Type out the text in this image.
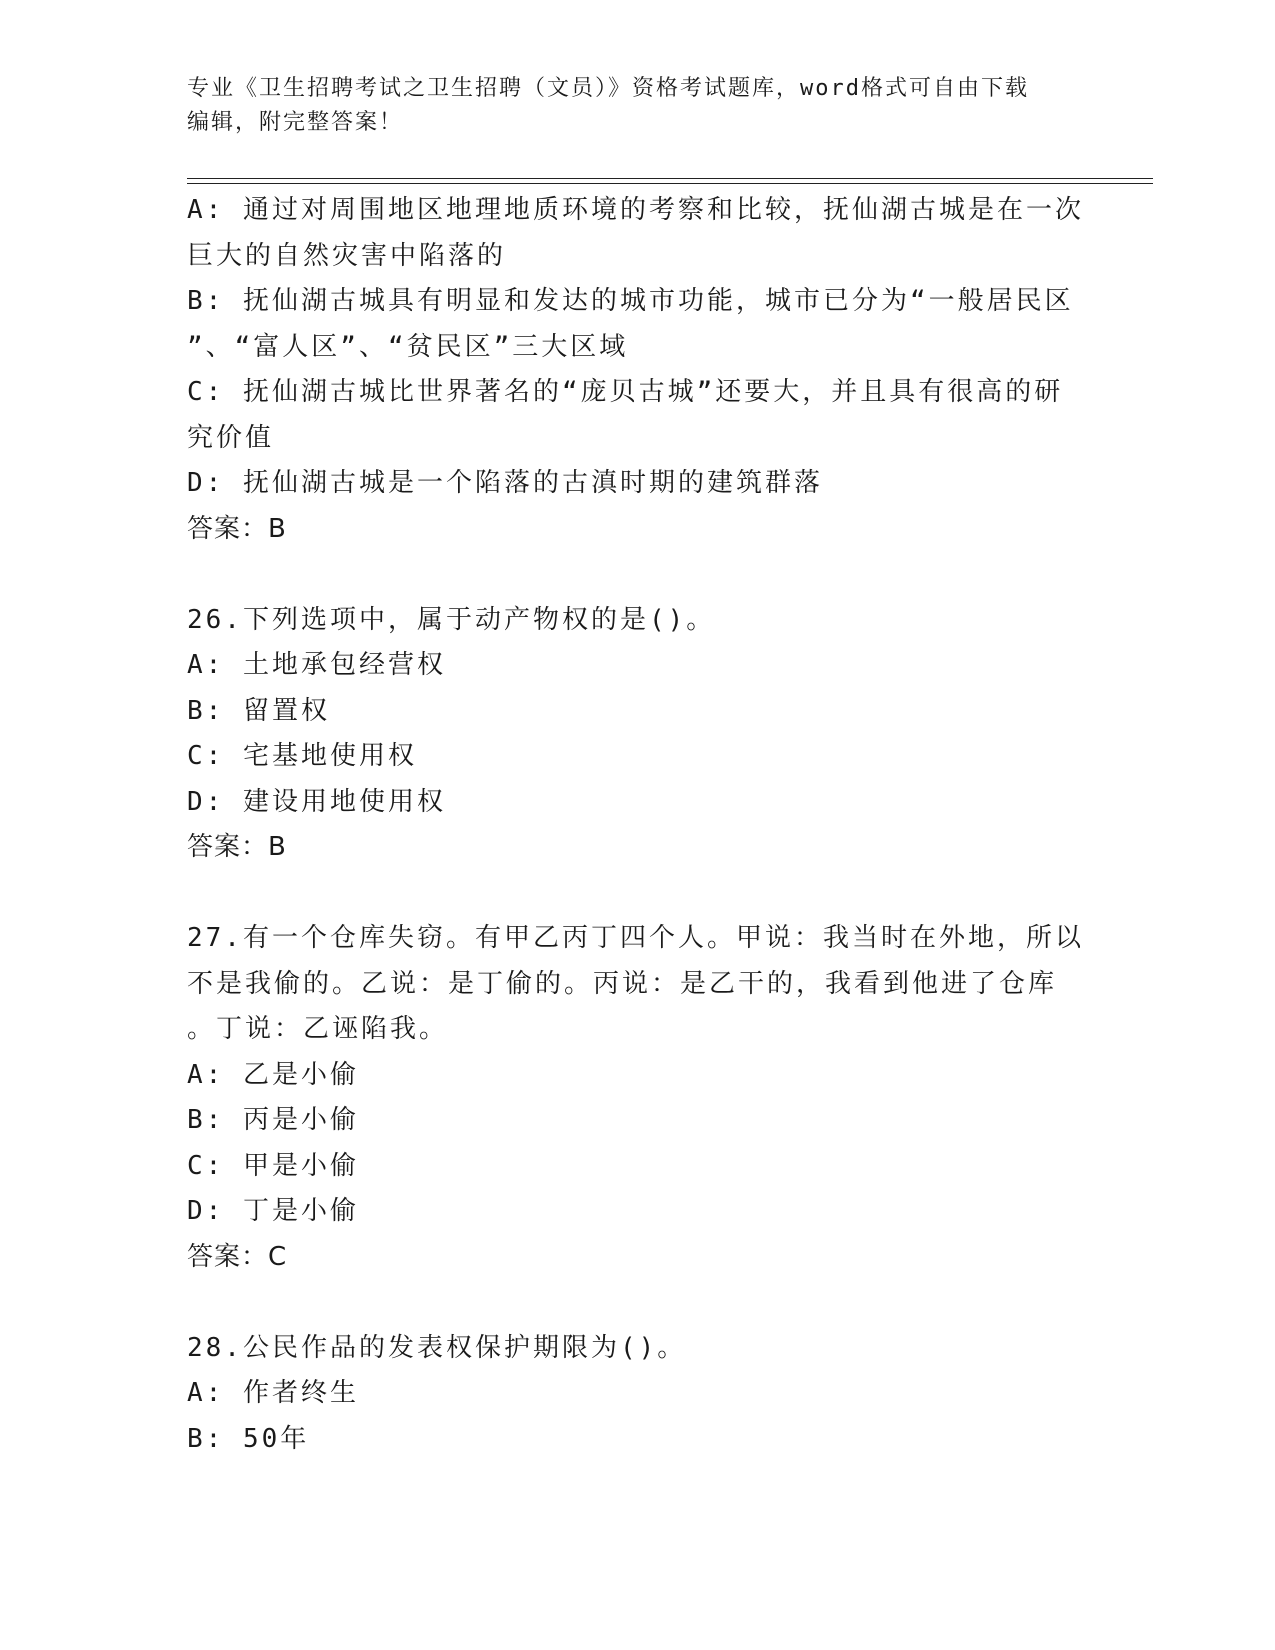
专业《卫生招聘考试之卫生招聘（文员）》资格考试题库，word格式可自由下载
编辑，附完整答案！
A: 通过对周围地区地理地质环境的考察和比较，抚仙湖古城是在一次
巨大的自然灾害中陷落的
B: 抚仙湖古城具有明显和发达的城市功能，城市已分为“一般居民区
”、“富人区”、“贫民区”三大区域
C: 抚仙湖古城比世界著名的“庞贝古城”还要大，并且具有很高的研
究价值
D: 抚仙湖古城是一个陷落的古滇时期的建筑群落
答案：B
26.下列选项中，属于动产物权的是()。
A: 土地承包经营权
B: 留置权
C: 宅基地使用权
D: 建设用地使用权
答案：B
27.有一个仓库失窃。有甲乙丙丁四个人。甲说：我当时在外地，所以
不是我偷的。乙说：是丁偷的。丙说：是乙干的，我看到他进了仓库
。丁说：乙诬陷我。
A: 乙是小偷
B: 丙是小偷
C: 甲是小偷
D: 丁是小偷
答案：C
28.公民作品的发表权保护期限为()。
A: 作者终生
B: 50年
